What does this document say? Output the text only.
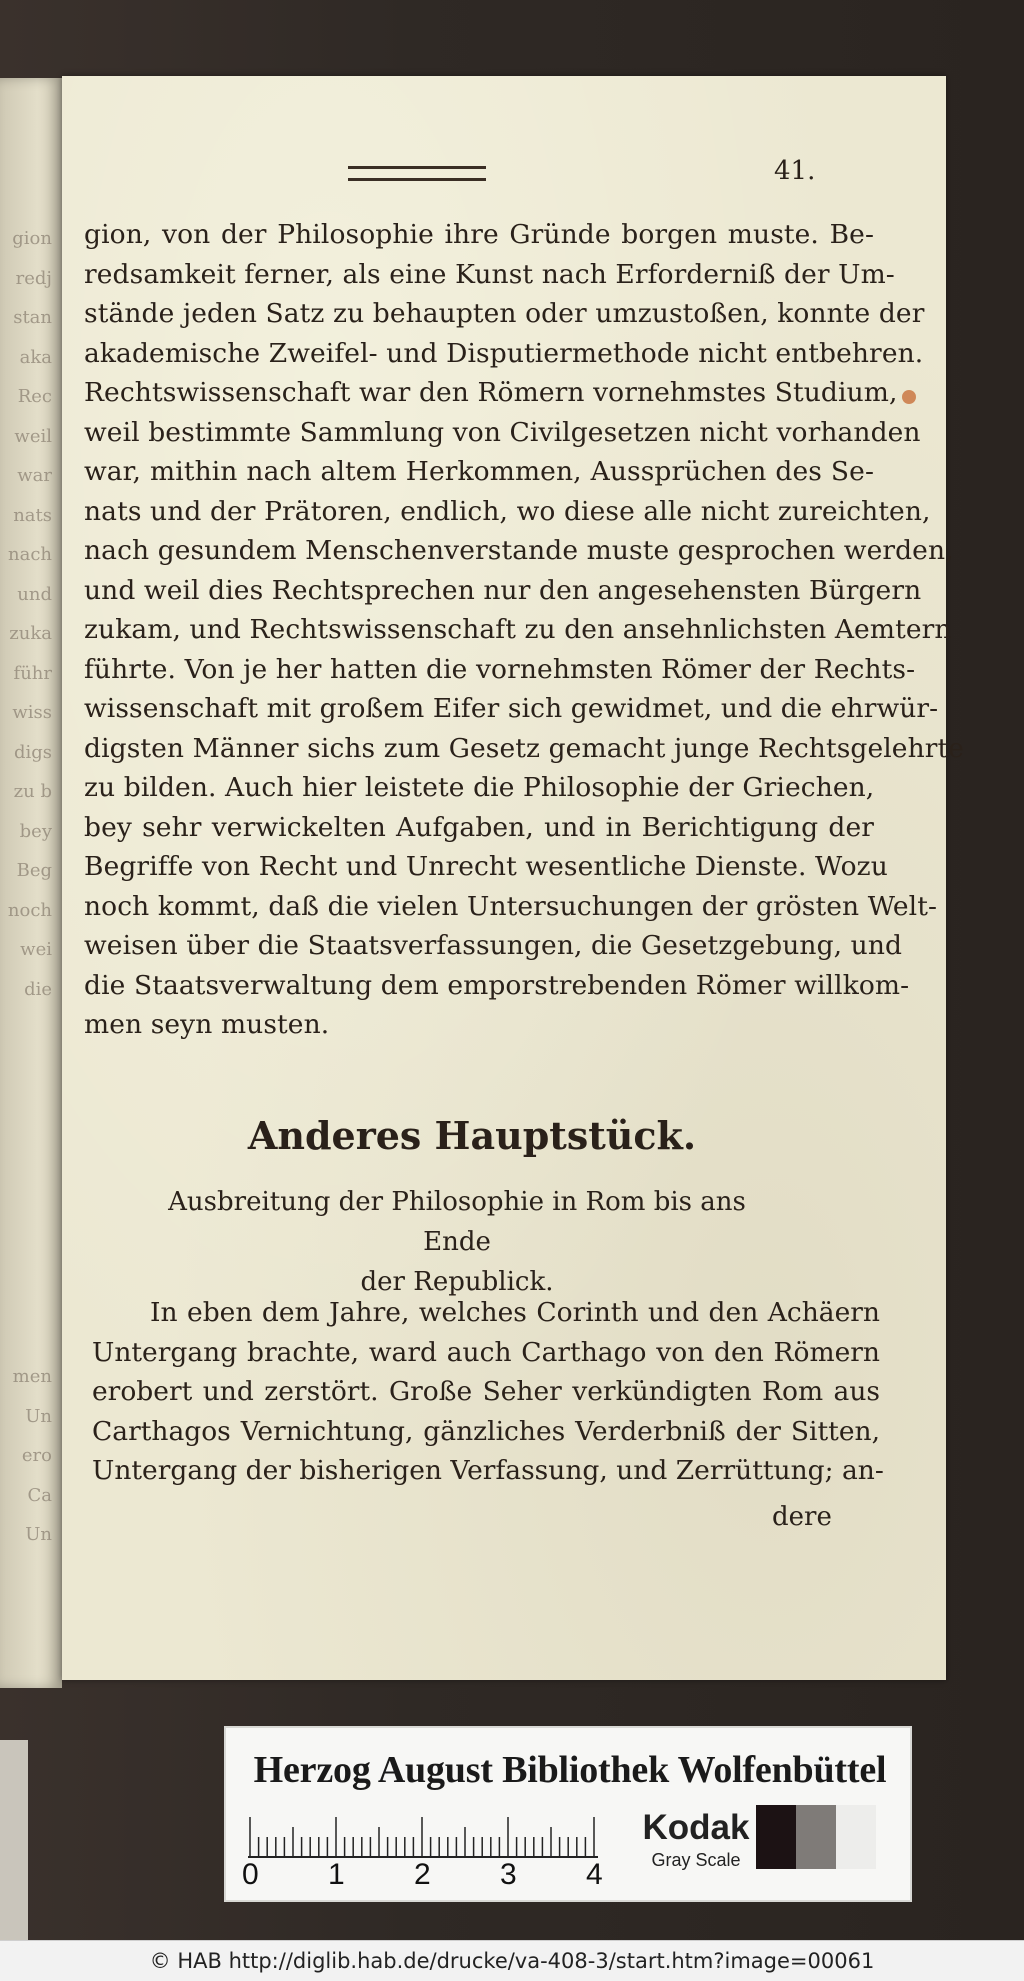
gion
redj
stan
aka
Rec
weil
war
nats
nach
und
zuka
führ
wiss
digs
zu b
bey
Beg
noch
wei
die
men
Un
ero
Ca
Un
41.
gion, von der Philosophie ihre Gründe borgen muste. Be-
redsamkeit ferner, als eine Kunst nach Erforderniß der Um-
stände jeden Satz zu behaupten oder umzustoßen, konnte der
akademische Zweifel- und Disputiermethode nicht entbehren.
Rechtswissenschaft war den Römern vornehmstes Studium,
weil bestimmte Sammlung von Civilgesetzen nicht vorhanden
war, mithin nach altem Herkommen, Aussprüchen des Se-
nats und der Prätoren, endlich, wo diese alle nicht zureichten,
nach gesundem Menschenverstande muste gesprochen werden,
und weil dies Rechtsprechen nur den angesehensten Bürgern
zukam, und Rechtswissenschaft zu den ansehnlichsten Aemtern
führte. Von je her hatten die vornehmsten Römer der Rechts-
wissenschaft mit großem Eifer sich gewidmet, und die ehrwür-
digsten Männer sichs zum Gesetz gemacht junge Rechtsgelehrte
zu bilden. Auch hier leistete die Philosophie der Griechen,
bey sehr verwickelten Aufgaben, und in Berichtigung der
Begriffe von Recht und Unrecht wesentliche Dienste. Wozu
noch kommt, daß die vielen Untersuchungen der grösten Welt-
weisen über die Staatsverfassungen, die Gesetzgebung, und
die Staatsverwaltung dem emporstrebenden Römer willkom-
men seyn musten.
Anderes Hauptstück.
Ausbreitung der Philosophie in Rom bis ans Ende
der Republick.
In eben dem Jahre, welches Corinth und den Achäern
Untergang brachte, ward auch Carthago von den Römern
erobert und zerstört. Große Seher verkündigten Rom aus
Carthagos Vernichtung, gänzliches Verderbniß der Sitten,
Untergang der bisherigen Verfassung, und Zerrüttung; an-
dere
Herzog August Bibliothek Wolfenbüttel
0 1 2 3 4
Kodak
Gray Scale
© HAB http://diglib.hab.de/drucke/va-408-3/start.htm?image=00061
